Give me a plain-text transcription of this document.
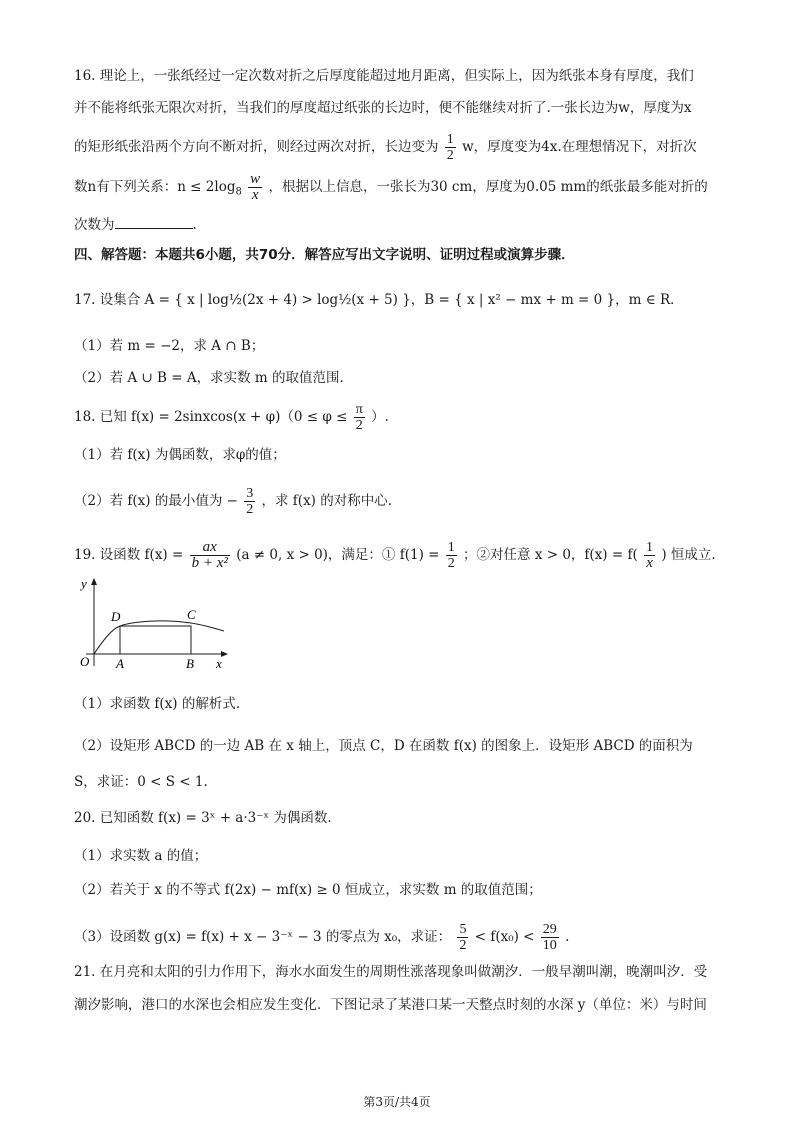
16. 理论上，一张纸经过一定次数对折之后厚度能超过地月距离，但实际上，因为纸张本身有厚度，我们
并不能将纸张无限次对折，当我们的厚度超过纸张的长边时，便不能继续对折了.一张长边为w，厚度为x
的矩形纸张沿两个方向不断对折，则经过两次对折，长边变为 $\frac{1}{2}$ w，厚度变为4x.在理想情况下，对折次
数n有下列关系：$n \le 2\log_8 \frac{w}{x}$ ，根据以上信息，一张长为30 cm，厚度为0.05 mm的纸张最多能对折的
次数为	.
四、解答题：本题共6小题，共70分．解答应写出文字说明、证明过程或演算步骤．
17. 设集合 A = { x | log½(2x + 4) > log½(x + 5) }，B = { x | x² − mx + m = 0 }，m ∈ R．
（1）若 m = −2，求 A ∩ B；
（2）若 A ∪ B = A，求实数 m 的取值范围.
18. 已知 f(x) = 2sinxcos(x + $\varphi)(0 \le \varphi \le \frac{\pi}{2}$ ）.
（1）若 f(x) 为偶函数，求φ的值；
（2）若 f(x) 的最小值为 − $\frac{3}{2}$ ，求 f(x) 的对称中心.
19. 设函数 $f(x) = \frac{ax}{\text{b + x²}} (a \ne 0$, x > 0)，满足：① $f(1) = \frac{1}{2}$ ；②对任意 x > 0，$f(x) = f( \frac{1}{x}$ ) 恒成立.
y
x
O A	B
C
D
（1）求函数 f(x) 的解析式.
（2）设矩形 ABCD 的一边 AB 在 x 轴上，顶点 C，D 在函数 f(x) 的图象上．设矩形 ABCD 的面积为
S，求证：0 < S < 1.
20. 已知函数 f(x) = 3ˣ + a·3⁻ˣ 为偶函数.
（1）求实数 a 的值；
（2）若关于 x 的不等式 f(2x) − mf(x) ≥ 0 恒成立，求实数 m 的取值范围；
（3）设函数 g(x) = f(x) + x − 3⁻ˣ − 3 的零点为 x₀，求证： $\frac{5}{2} < f(x_0) < \frac{29}{10}$ .
21. 在月亮和太阳的引力作用下，海水水面发生的周期性涨落现象叫做潮汐．一般早潮叫潮，晚潮叫汐．受
潮汐影响，港口的水深也会相应发生变化．下图记录了某港口某一天整点时刻的水深 y（单位：米）与时间
第3页/共4页
